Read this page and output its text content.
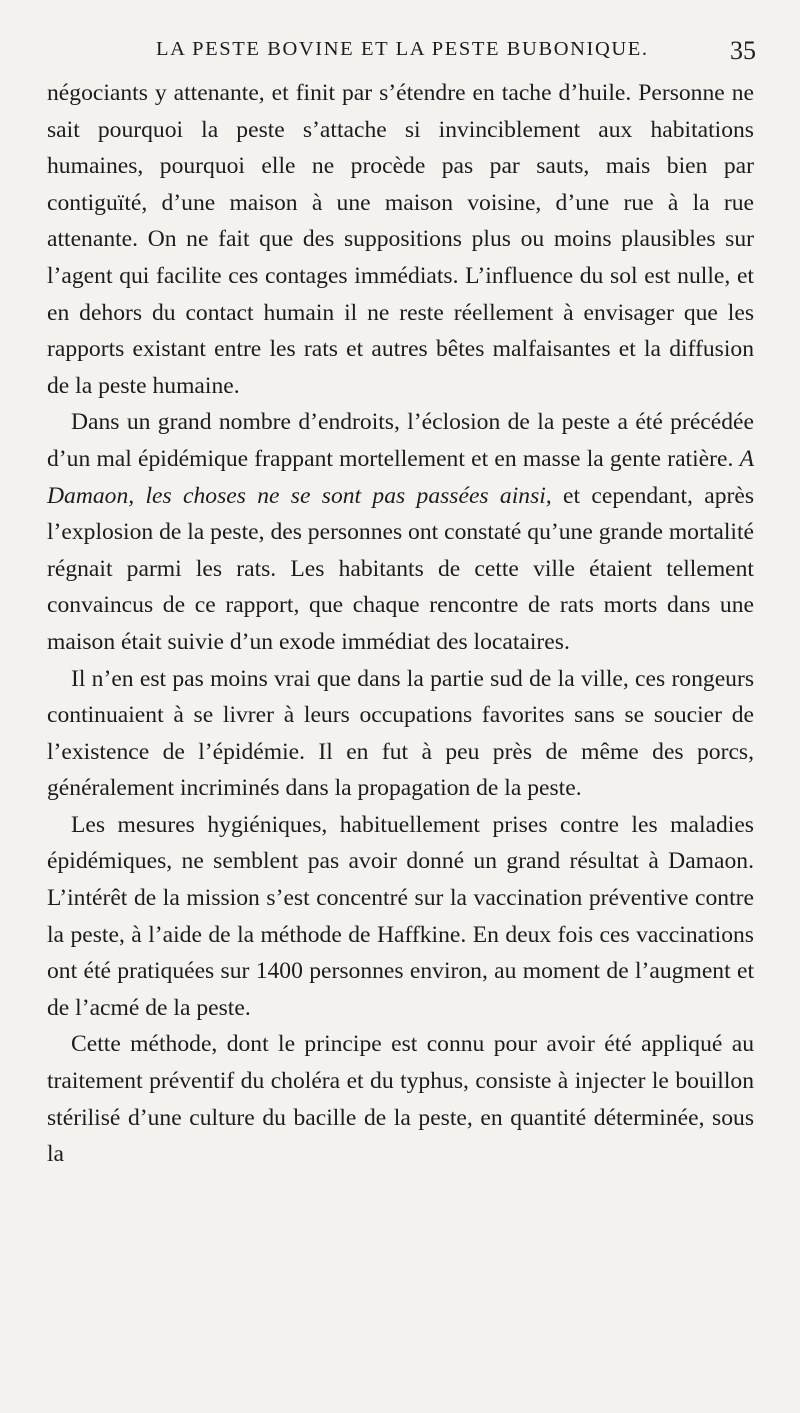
LA PESTE BOVINE ET LA PESTE BUBONIQUE.	35

négociants y attenante, et finit par s’étendre en tache d’huile. Personne ne sait pourquoi la peste s’attache si invinciblement aux habitations humaines, pourquoi elle ne procède pas par sauts, mais bien par contiguïté, d’une maison à une maison voisine, d’une rue à la rue attenante. On ne fait que des suppositions plus ou moins plausibles sur l’agent qui facilite ces contages immédiats. L’influence du sol est nulle, et en dehors du contact humain il ne reste réellement à envisager que les rapports existant entre les rats et autres bêtes malfaisantes et la diffusion de la peste humaine.

Dans un grand nombre d’endroits, l’éclosion de la peste a été précédée d’un mal épidémique frappant mortellement et en masse la gente ratière. A Damaon, les choses ne se sont pas passées ainsi, et cependant, après l’explosion de la peste, des personnes ont constaté qu’une grande mortalité régnait parmi les rats. Les habitants de cette ville étaient tellement convaincus de ce rapport, que chaque rencontre de rats morts dans une maison était suivie d’un exode immédiat des locataires.

Il n’en est pas moins vrai que dans la partie sud de la ville, ces rongeurs continuaient à se livrer à leurs occupations favorites sans se soucier de l’existence de l’épidémie. Il en fut à peu près de même des porcs, généralement incriminés dans la propagation de la peste.

Les mesures hygiéniques, habituellement prises contre les maladies épidémiques, ne semblent pas avoir donné un grand résultat à Damaon. L’intérêt de la mission s’est concentré sur la vaccination préventive contre la peste, à l’aide de la méthode de Haffkine. En deux fois ces vaccinations ont été pratiquées sur 1400 personnes environ, au moment de l’augment et de l’acmé de la peste.

Cette méthode, dont le principe est connu pour avoir été appliqué au traitement préventif du choléra et du typhus, consiste à injecter le bouillon stérilisé d’une culture du bacille de la peste, en quantité déterminée, sous la
